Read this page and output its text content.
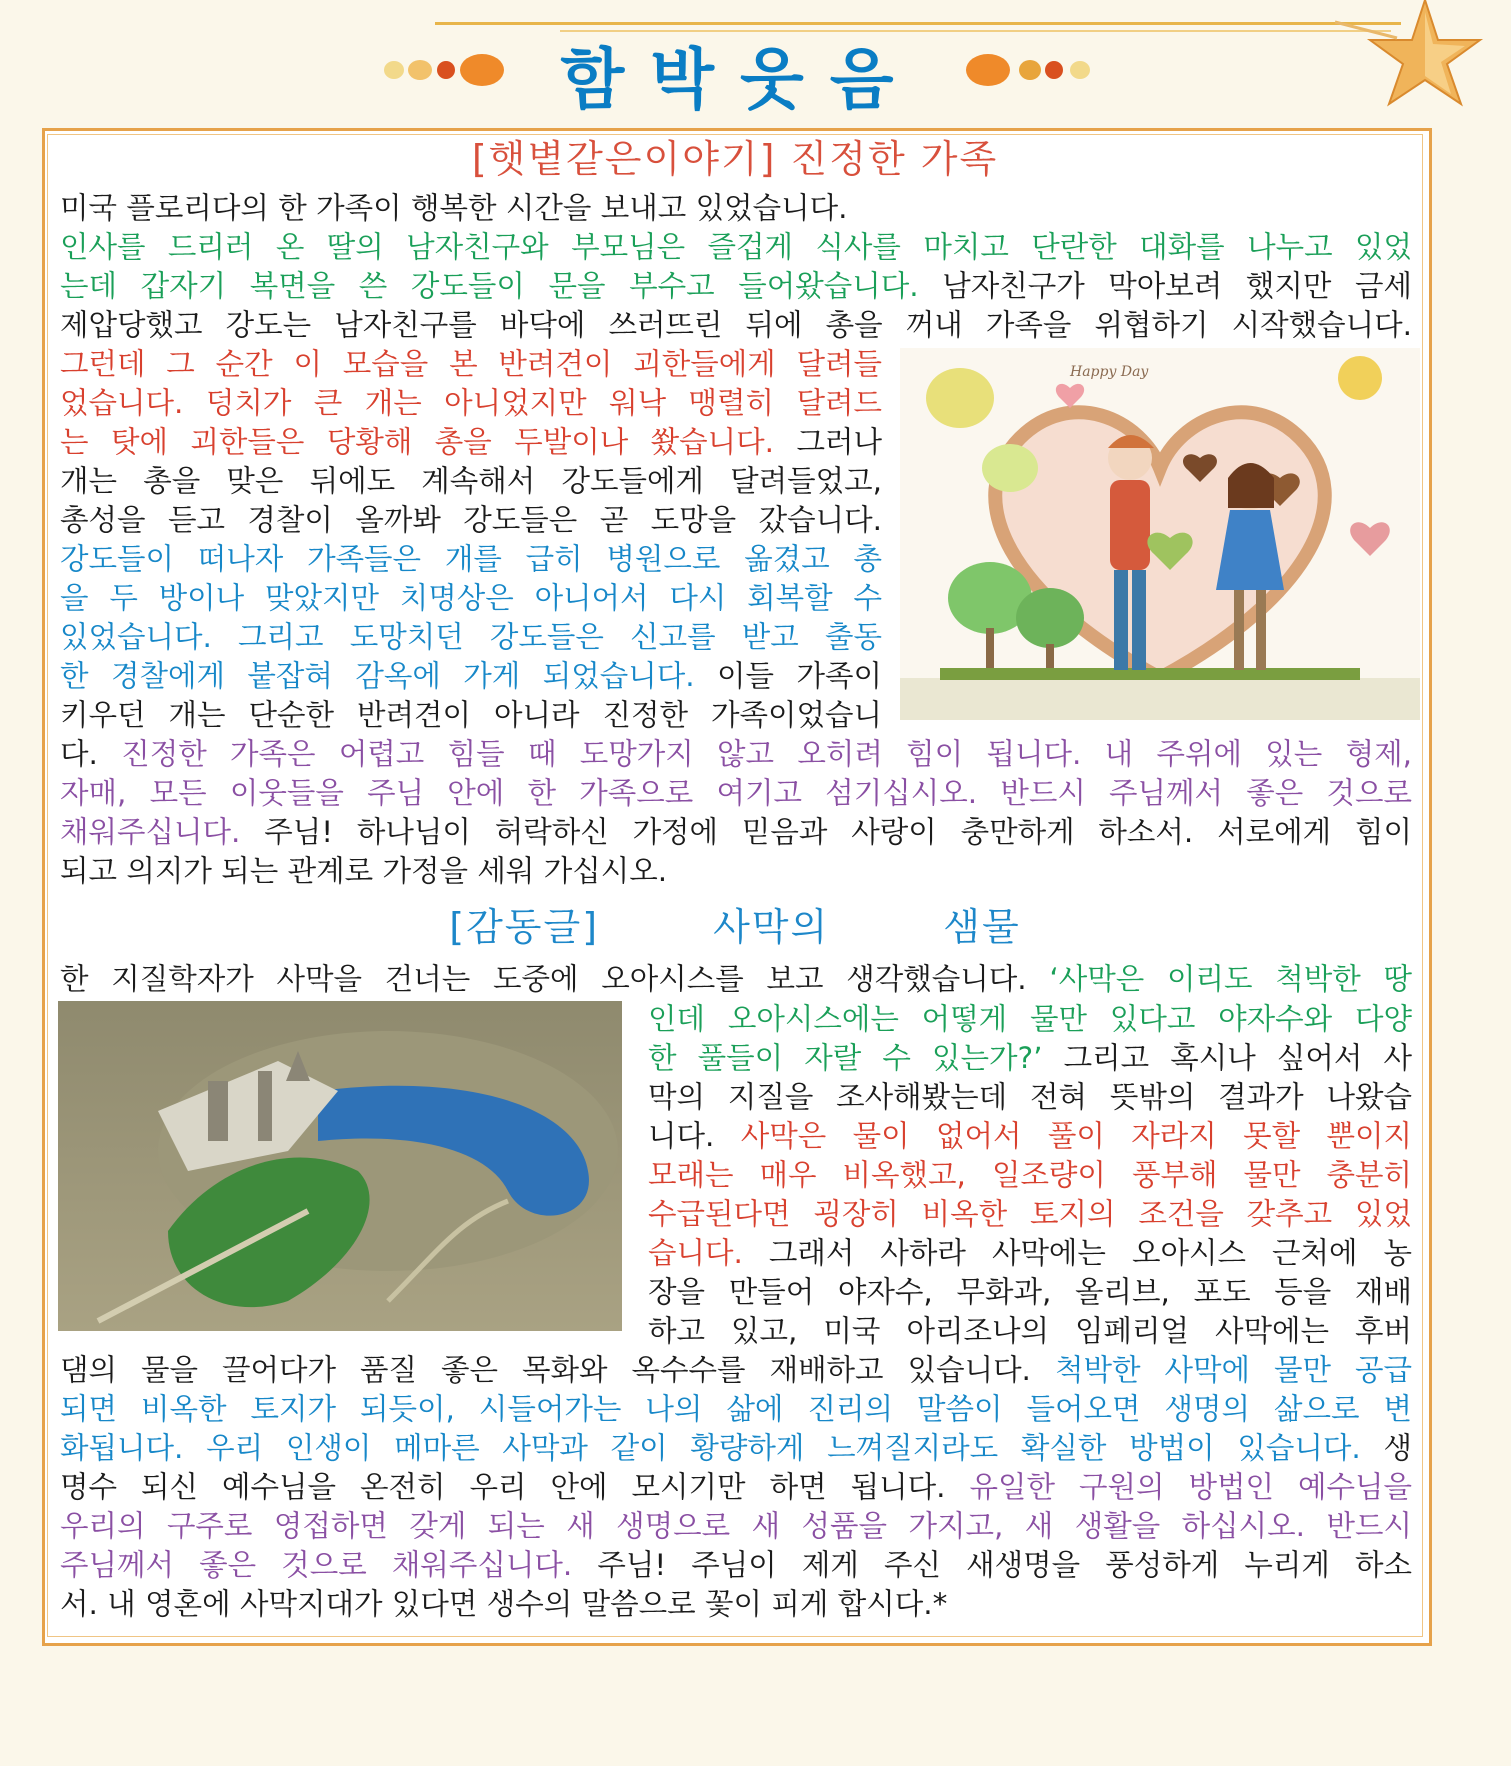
함박웃음
[햇볕같은이야기] 진정한 가족
미국 플로리다의 한 가족이 행복한 시간을 보내고 있었습니다.
인사를 드리러 온 딸의 남자친구와 부모님은 즐겁게 식사를 마치고 단란한 대화를 나누고 있었
는데 갑자기 복면을 쓴 강도들이 문을 부수고 들어왔습니다. 남자친구가 막아보려 했지만 금세
제압당했고 강도는 남자친구를 바닥에 쓰러뜨린 뒤에 총을 꺼내 가족을 위협하기 시작했습니다.
그런데 그 순간 이 모습을 본 반려견이 괴한들에게 달려들
었습니다. 덩치가 큰 개는 아니었지만 워낙 맹렬히 달려드
는 탓에 괴한들은 당황해 총을 두발이나 쐈습니다. 그러나
개는 총을 맞은 뒤에도 계속해서 강도들에게 달려들었고,
총성을 듣고 경찰이 올까봐 강도들은 곧 도망을 갔습니다.
강도들이 떠나자 가족들은 개를 급히 병원으로 옮겼고 총
을 두 방이나 맞았지만 치명상은 아니어서 다시 회복할 수
있었습니다. 그리고 도망치던 강도들은 신고를 받고 출동
한 경찰에게 붙잡혀 감옥에 가게 되었습니다. 이들 가족이
키우던 개는 단순한 반려견이 아니라 진정한 가족이었습니
다. 진정한 가족은 어렵고 힘들 때 도망가지 않고 오히려 힘이 됩니다. 내 주위에 있는 형제,
자매, 모든 이웃들을 주님 안에 한 가족으로 여기고 섬기십시오. 반드시 주님께서 좋은 것으로
채워주십니다. 주님! 하나님이 허락하신 가정에 믿음과 사랑이 충만하게 하소서. 서로에게 힘이
되고 의지가 되는 관계로 가정을 세워 가십시오.
Happy Day
[감동글] 사막의 샘물
한 지질학자가 사막을 건너는 도중에 오아시스를 보고 생각했습니다. ‘사막은 이리도 척박한 땅
인데 오아시스에는 어떻게 물만 있다고 야자수와 다양
한 풀들이 자랄 수 있는가?’ 그리고 혹시나 싶어서 사
막의 지질을 조사해봤는데 전혀 뜻밖의 결과가 나왔습
니다. 사막은 물이 없어서 풀이 자라지 못할 뿐이지
모래는 매우 비옥했고, 일조량이 풍부해 물만 충분히
수급된다면 굉장히 비옥한 토지의 조건을 갖추고 있었
습니다. 그래서 사하라 사막에는 오아시스 근처에 농
장을 만들어 야자수, 무화과, 올리브, 포도 등을 재배
하고 있고, 미국 아리조나의 임페리얼 사막에는 후버
댐의 물을 끌어다가 품질 좋은 목화와 옥수수를 재배하고 있습니다. 척박한 사막에 물만 공급
되면 비옥한 토지가 되듯이, 시들어가는 나의 삶에 진리의 말씀이 들어오면 생명의 삶으로 변
화됩니다. 우리 인생이 메마른 사막과 같이 황량하게 느껴질지라도 확실한 방법이 있습니다. 생
명수 되신 예수님을 온전히 우리 안에 모시기만 하면 됩니다. 유일한 구원의 방법인 예수님을
우리의 구주로 영접하면 갖게 되는 새 생명으로 새 성품을 가지고, 새 생활을 하십시오. 반드시
주님께서 좋은 것으로 채워주십니다. 주님! 주님이 제게 주신 새생명을 풍성하게 누리게 하소
서. 내 영혼에 사막지대가 있다면 생수의 말씀으로 꽃이 피게 합시다.*
